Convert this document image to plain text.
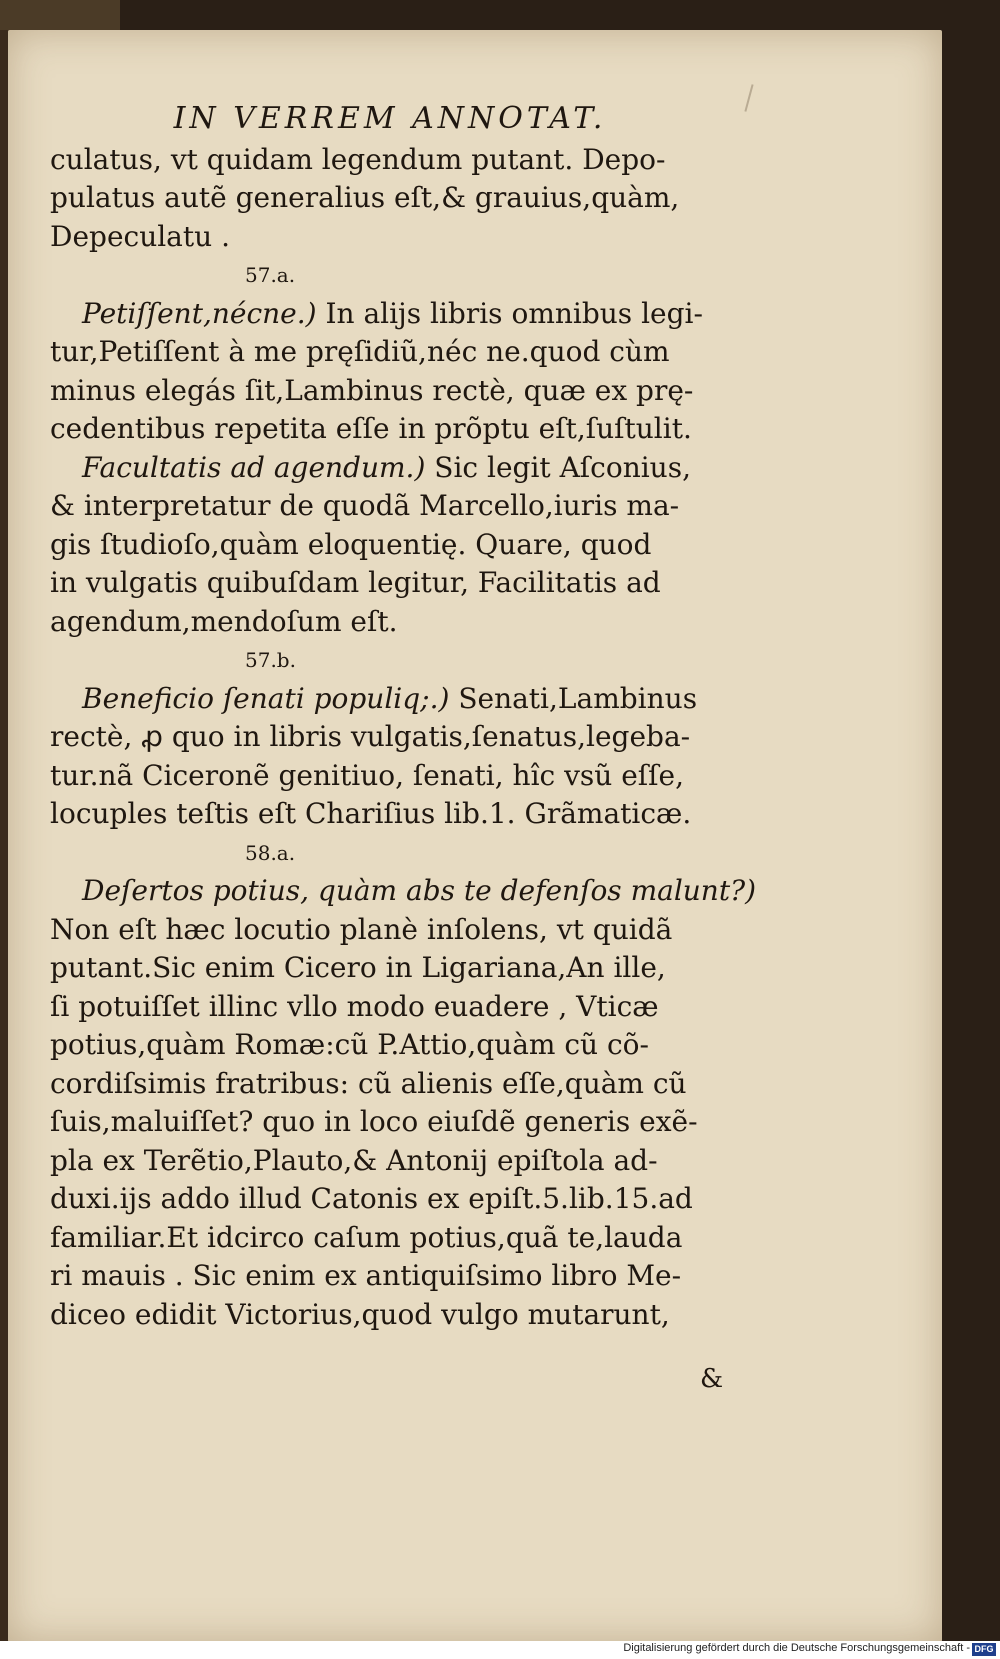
IN VERREM ANNOTAT.
culatus, vt quidam legendum putant. Depo-
pulatus autẽ generalius eſt,& grauius,quàm,
Depeculatu .
57.a.
Petiſſent,nécne.) In alijs libris omnibus legi-
tur,Petiſſent à me pręſidiũ,néc ne.quod cùm
minus elegás ſit,Lambinus rectè, quæ ex prę-
cedentibus repetita eſſe in prõptu eſt,ſuſtulit.
Facultatis ad agendum.) Sic legit Aſconius,
& interpretatur de quodã Marcello,iuris ma-
gis ſtudioſo,quàm eloquentię. Quare, quod
in vulgatis quibuſdam legitur, Facilitatis ad
agendum,mendoſum eſt.
57.b.
Beneficio ſenati populiq;.) Senati,Lambinus
rectè, ꝓ quo in libris vulgatis,ſenatus,legeba-
tur.nã Ciceronẽ genitiuo, ſenati, hîc vsũ eſſe,
locuples teſtis eſt Chariſius lib.1. Grãmaticæ.
58.a.
Deſertos potius, quàm abs te defenſos malunt?)
Non eſt hæc locutio planè inſolens, vt quidã
putant.Sic enim Cicero in Ligariana,An ille,
ſi potuiſſet illinc vllo modo euadere , Vticæ
potius,quàm Romæ:cũ P.Attio,quàm cũ cõ-
cordiſsimis fratribus: cũ alienis eſſe,quàm cũ
ſuis,maluiſſet? quo in loco eiuſdẽ generis exẽ-
pla ex Terẽtio,Plauto,& Antonij epiſtola ad-
duxi.ijs addo illud Catonis ex epiſt.5.lib.15.ad
familiar.Et idcirco caſum potius,quã te,lauda
ri mauis . Sic enim ex antiquiſsimo libro Me-
diceo edidit Victorius,quod vulgo mutarunt,
&
Digitalisierung gefördert durch die Deutsche Forschungsgemeinschaft - DFG
